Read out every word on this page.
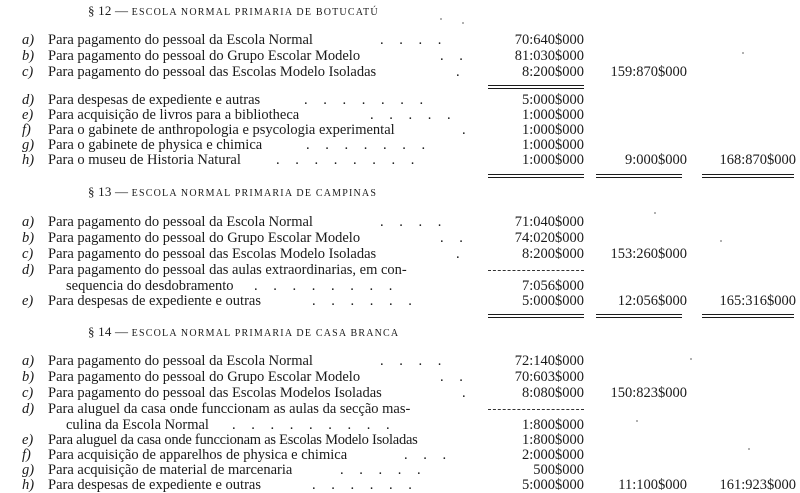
§ 12 — ESCOLA NORMAL PRIMARIA DE BOTUCATÚ
a) Para pagamento do pessoal da Escola Normal	. . . .	70:640$000
b) Para pagamento do pessoal do Grupo Escolar Modelo	. .	81:030$000
c) Para pagamento do pessoal das Escolas Modelo Isoladas	.	8:200$000 159:870$000
d) Para despesas de expediente e autras	. . . . . . .	5:000$000
e) Para acquisição de livros para a bibliotheca	. . . . .	1:000$000
f) Para o gabinete de anthropologia e psycologia experimental	.	1:000$000
g) Para o gabinete de physica e chimica	. . . . . . .	1:000$000
h) Para o museu de Historia Natural . . . . . . . .	1:000$000	9:000$000 168:870$000
§ 13 — ESCOLA NORMAL PRIMARIA DE CAMPINAS
a) Para pagamento do pessoal da Escola Normal	. . . .	71:040$000
b) Para pagamento do pessoal do Grupo Escolar Modelo	. .	74:020$000
c) Para pagamento do pessoal das Escolas Modelo Isoladas	.	8:200$000 153:260$000
d) Para pagamento do pessoal das aulas extraordinarias, em con-
sequencia do desdobramento . . . . . . . .	7:056$000
e) Para despesas de expediente e outras	. . . . . .	5:000$000 12:056$000 165:316$000
§ 14 — ESCOLA NORMAL PRIMARIA DE CASA BRANCA
a) Para pagamento do pessoal da Escola Normal	. . . .	72:140$000
b) Para pagamento do pessoal do Grupo Escolar Modelo	. .	70:603$000
c) Para pagamento do pessoal das Escolas Modelos Isoladas	.	8:080$000 150:823$000
d) Para aluguel da casa onde funccionam as aulas da secção mas-
culina da Escola Normal . . . . . . . . .	1:800$000
e) Para aluguel da casa onde funccionam as Escolas Modelo Isoladas	1:800$000
f) Para acquisição de apparelhos de physica e chimica	. . .	2:000$000
g) Para acquisição de material de marcenaria	. . . . .	500$000
h) Para despesas de expediente e outras	. . . . . .	5:000$000 11:100$000 161:923$000
